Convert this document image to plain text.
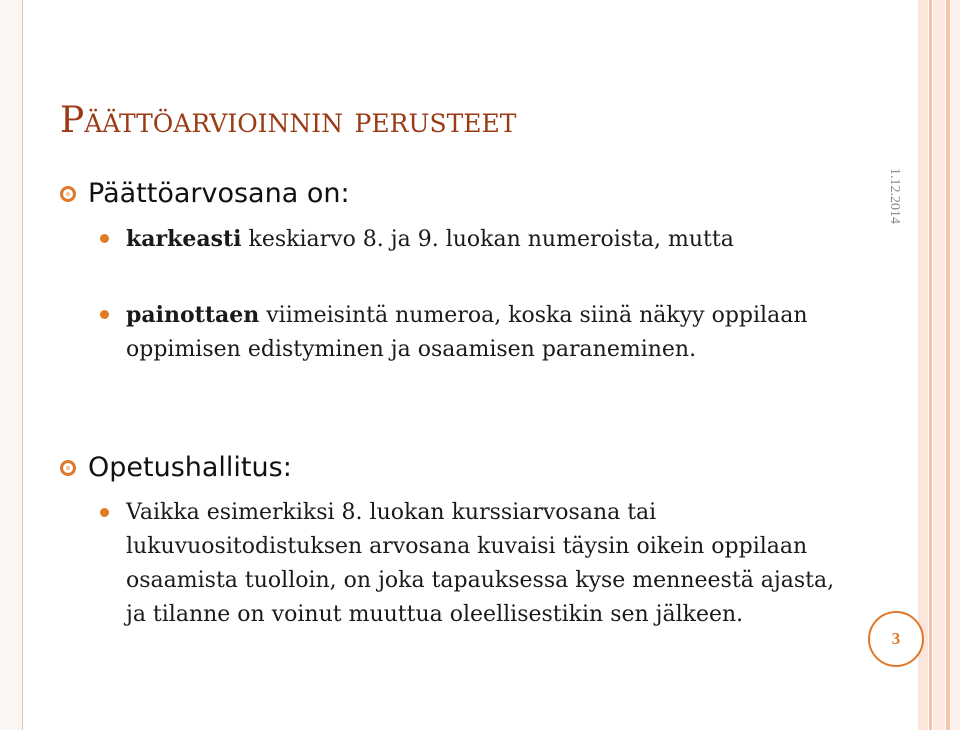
Päättöarvioinnin perusteet
Päättöarvosana on:
karkeasti keskiarvo 8. ja 9. luokan numeroista, mutta
painottaen viimeisintä numeroa, koska siinä näkyy oppilaan oppimisen edistyminen ja osaamisen paraneminen.
Opetushallitus:
Vaikka esimerkiksi 8. luokan kurssiarvosana tai lukuvuositodistuksen arvosana kuvaisi täysin oikein oppilaan osaamista tuolloin, on joka tapauksessa kyse menneestä ajasta, ja tilanne on voinut muuttua oleellisestikin sen jälkeen.
1.12.2014
3
